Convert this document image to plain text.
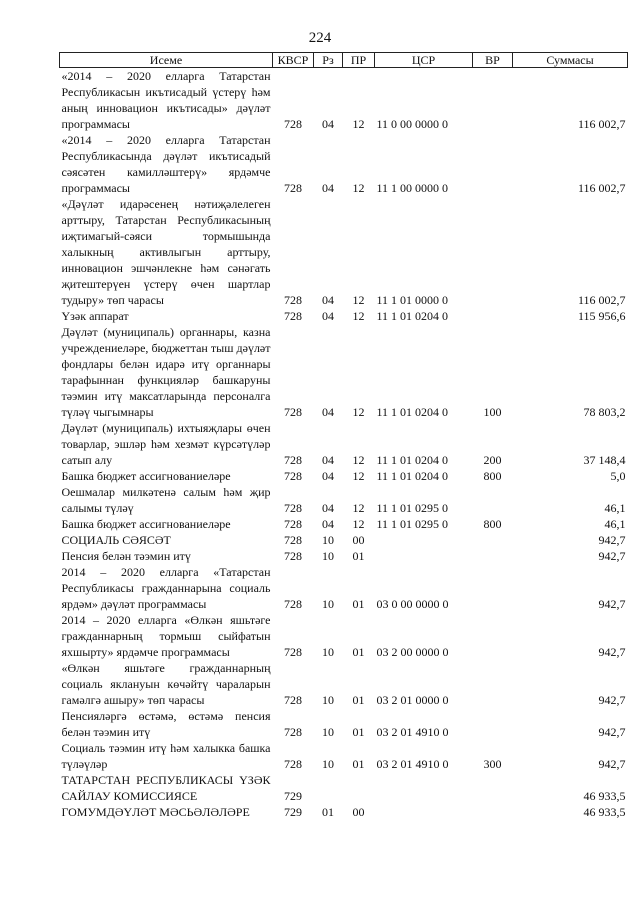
224
Исеме	КВСР	Рз	ПР	ЦСР	ВР	Суммасы
«2014 – 2020 елларга Татарстан Республикасын икътисадый үстерү һәм аның инновацион икътисады» дәүләт программасы	728	04	12	11 0 00 0000 0		116 002,7
«2014 – 2020 елларга Татарстан Республикасында дәүләт икътисадый сәясәтен камилләштерү» ярдәмче программасы	728	04	12	11 1 00 0000 0		116 002,7
«Дәүләт идарәсенең нәтиҗәлелеген арттыру, Татарстан Республикасының иҗтимагый-сәяси тормышында халыкның активлыгын арттыру, инновацион эшчәнлекне һәм сәнәгать җитештерүен үстерү өчен шартлар тудыру» төп чарасы	728	04	12	11 1 01 0000 0		116 002,7
Үзәк аппарат	728	04	12	11 1 01 0204 0		115 956,6
Дәүләт (муниципаль) органнары, казна учреждениеләре, бюджеттан тыш дәүләт фондлары белән идарә итү органнары тарафыннан функцияләр башкаруны тәэмин итү максатларында персоналга түләү чыгымнары	728	04	12	11 1 01 0204 0	100	78 803,2
Дәүләт (муниципаль) ихтыяҗлары өчен товарлар, эшләр һәм хезмәт күрсәтүләр сатып алу	728	04	12	11 1 01 0204 0	200	37 148,4
Башка бюджет ассигнованиеләре	728	04	12	11 1 01 0204 0	800	5,0
Оешмалар милкәтенә салым һәм җир салымы түләү	728	04	12	11 1 01 0295 0		46,1
Башка бюджет ассигнованиеләре	728	04	12	11 1 01 0295 0	800	46,1
СОЦИАЛЬ СӘЯСӘТ	728	10	00			942,7
Пенсия белән тәэмин итү	728	10	01			942,7
2014 – 2020 елларга «Татарстан Республикасы гражданнарына социаль ярдәм» дәүләт программасы	728	10	01	03 0 00 0000 0		942,7
2014 – 2020 елларга «Өлкән яшьтәге гражданнарның тормыш сыйфатын яхшырту» ярдәмче программасы	728	10	01	03 2 00 0000 0		942,7
«Өлкән яшьтәге гражданнарның социаль яклануын көчәйтү чараларын гамәлгә ашыру» төп чарасы	728	10	01	03 2 01 0000 0		942,7
Пенсияләргә өстәмә, өстәмә пенсия белән тәэмин итү	728	10	01	03 2 01 4910 0		942,7
Социаль тәэмин итү һәм халыкка башка түләүләр	728	10	01	03 2 01 4910 0	300	942,7
ТАТАРСТАН РЕСПУБЛИКАСЫ ҮЗӘК САЙЛАУ КОМИССИЯСЕ	729					46 933,5
ГОМУМДӘҮЛӘТ МӘСЬӘЛӘЛӘРЕ	729	01	00			46 933,5
